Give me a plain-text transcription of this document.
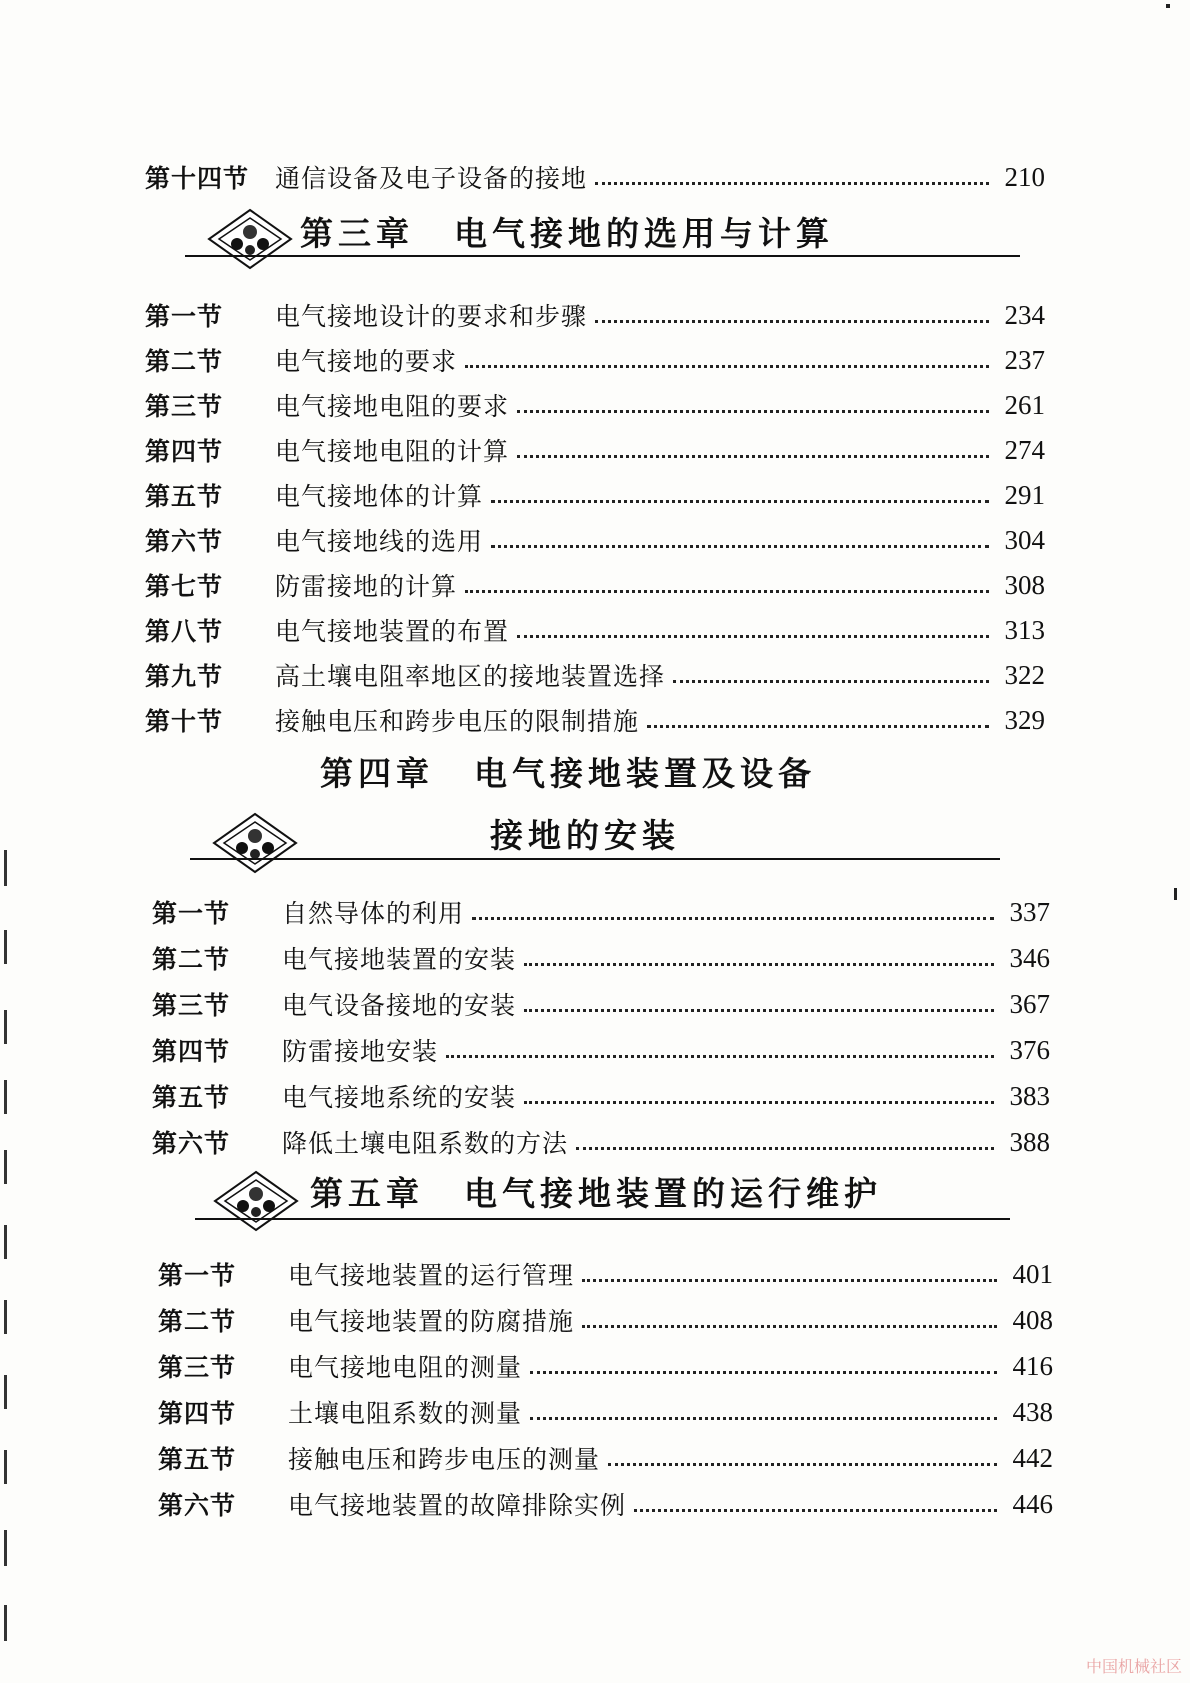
第十四节	通信设备及电子设备的接地	210
第三章 电气接地的选用与计算
第一节	电气接地设计的要求和步骤	234
第二节	电气接地的要求	237
第三节	电气接地电阻的要求	261
第四节	电气接地电阻的计算	274
第五节	电气接地体的计算	291
第六节	电气接地线的选用	304
第七节	防雷接地的计算	308
第八节	电气接地装置的布置	313
第九节	高土壤电阻率地区的接地装置选择	322
第十节	接触电压和跨步电压的限制措施	329
第四章 电气接地装置及设备
接地的安装
第一节	自然导体的利用	337
第二节	电气接地装置的安装	346
第三节	电气设备接地的安装	367
第四节	防雷接地安装	376
第五节	电气接地系统的安装	383
第六节	降低土壤电阻系数的方法	388
第五章 电气接地装置的运行维护
第一节	电气接地装置的运行管理	401
第二节	电气接地装置的防腐措施	408
第三节	电气接地电阻的测量	416
第四节	土壤电阻系数的测量	438
第五节	接触电压和跨步电压的测量	442
第六节	电气接地装置的故障排除实例	446
中国机械社区
